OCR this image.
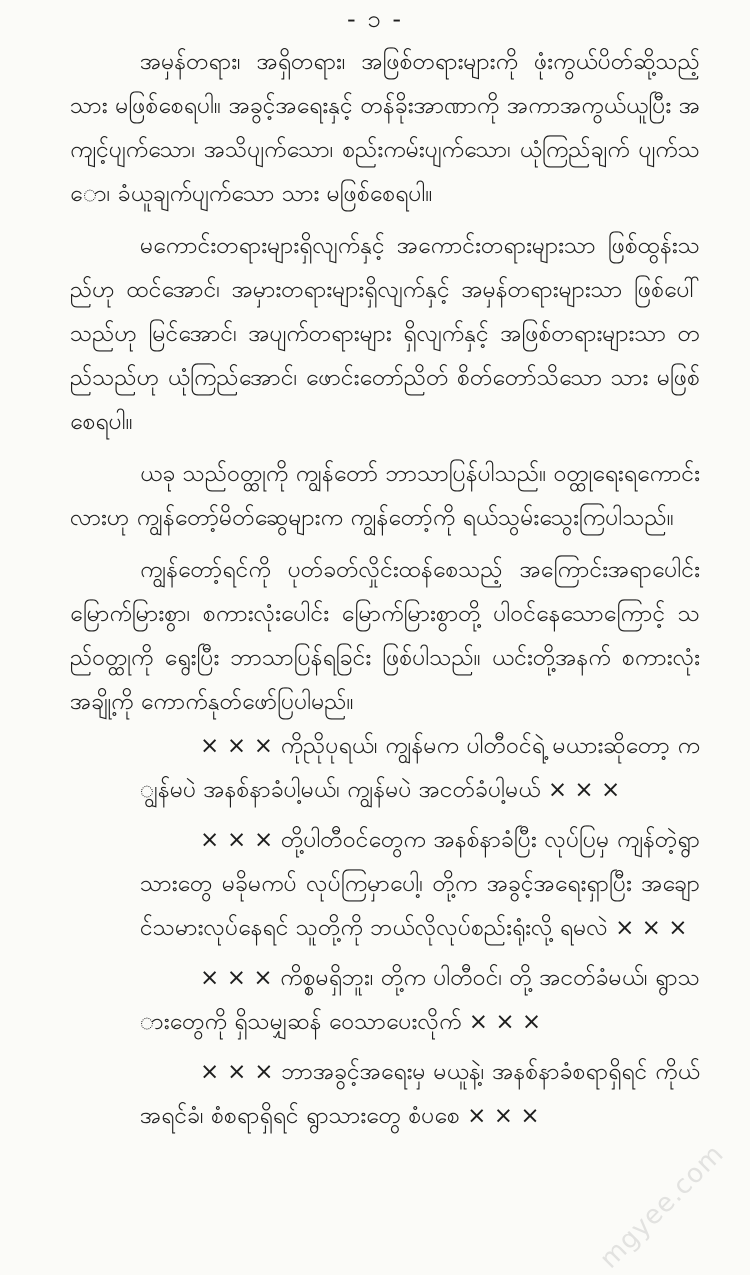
- ၁ -

အမှန်တရား၊ အရှိတရား၊ အဖြစ်တရားများကို ဖုံးကွယ်ပိတ်ဆို့သည့် သား မဖြစ်စေရပါ။ အခွင့်အရေးနှင့် တန်ခိုးအာဏာကို အကာအကွယ်ယူပြီး အကျင့်ပျက်သော၊ အသိပျက်သော၊ စည်းကမ်းပျက်သော၊ ယုံကြည်ချက် ပျက်သော၊ ခံယူချက်ပျက်သော သား မဖြစ်စေရပါ။

မကောင်းတရားများရှိလျက်နှင့် အကောင်းတရားများသာ ဖြစ်ထွန်းသည်ဟု ထင်အောင်၊ အမှားတရားများရှိလျက်နှင့် အမှန်တရားများသာ ဖြစ်ပေါ်သည်ဟု မြင်အောင်၊ အပျက်တရားများ ရှိလျက်နှင့် အဖြစ်တရားများသာ တည်သည်ဟု ယုံကြည်အောင်၊ ဖောင်းတော်ညိတ် စိတ်တော်သိသော သား မဖြစ်စေရပါ။

ယခု သည်ဝတ္ထုကို ကျွန်တော် ဘာသာပြန်ပါသည်။ ဝတ္ထုရေးရကောင်းလားဟု ကျွန်တော့်မိတ်ဆွေများက ကျွန်တော့်ကို ရယ်သွမ်းသွေးကြပါသည်။

ကျွန်တော့်ရင်ကို ပုတ်ခတ်လှိုင်းထန်စေသည့် အကြောင်းအရာပေါင်း မြောက်မြားစွာ၊ စကားလုံးပေါင်း မြောက်မြားစွာတို့ ပါဝင်နေသောကြောင့် သည်ဝတ္ထုကို ရွေးပြီး ဘာသာပြန်ရခြင်း ဖြစ်ပါသည်။ ယင်းတို့အနက် စကားလုံးအချို့ကို ကောက်နုတ်ဖော်ပြပါမည်။

× × × ကိုညိုပုရယ်၊ ကျွန်မက ပါတီဝင်ရဲ့ မယားဆိုတော့ ကျွန်မပဲ အနစ်နာခံပါ့မယ်၊ ကျွန်မပဲ အငတ်ခံပါ့မယ် × × ×

× × × တို့ပါတီဝင်တွေက အနစ်နာခံပြီး လုပ်ပြမှ ကျန်တဲ့ရွာသားတွေ မခိုမကပ် လုပ်ကြမှာပေါ့၊ တို့က အခွင့်အရေးရှာပြီး အချောင်သမားလုပ်နေရင် သူတို့ကို ဘယ်လိုလုပ်စည်းရုံးလို့ ရမလဲ × × ×

× × × ကိစ္စမရှိဘူး၊ တို့က ပါတီဝင်၊ တို့ အငတ်ခံမယ်၊ ရွာသားတွေကို ရှိသမျှဆန် ဝေသာပေးလိုက် × × ×

× × × ဘာအခွင့်အရေးမှ မယူနဲ့၊ အနစ်နာခံစရာရှိရင် ကိုယ် အရင်ခံ၊ စံစရာရှိရင် ရွာသားတွေ စံပစေ × × ×

mgyee.com
